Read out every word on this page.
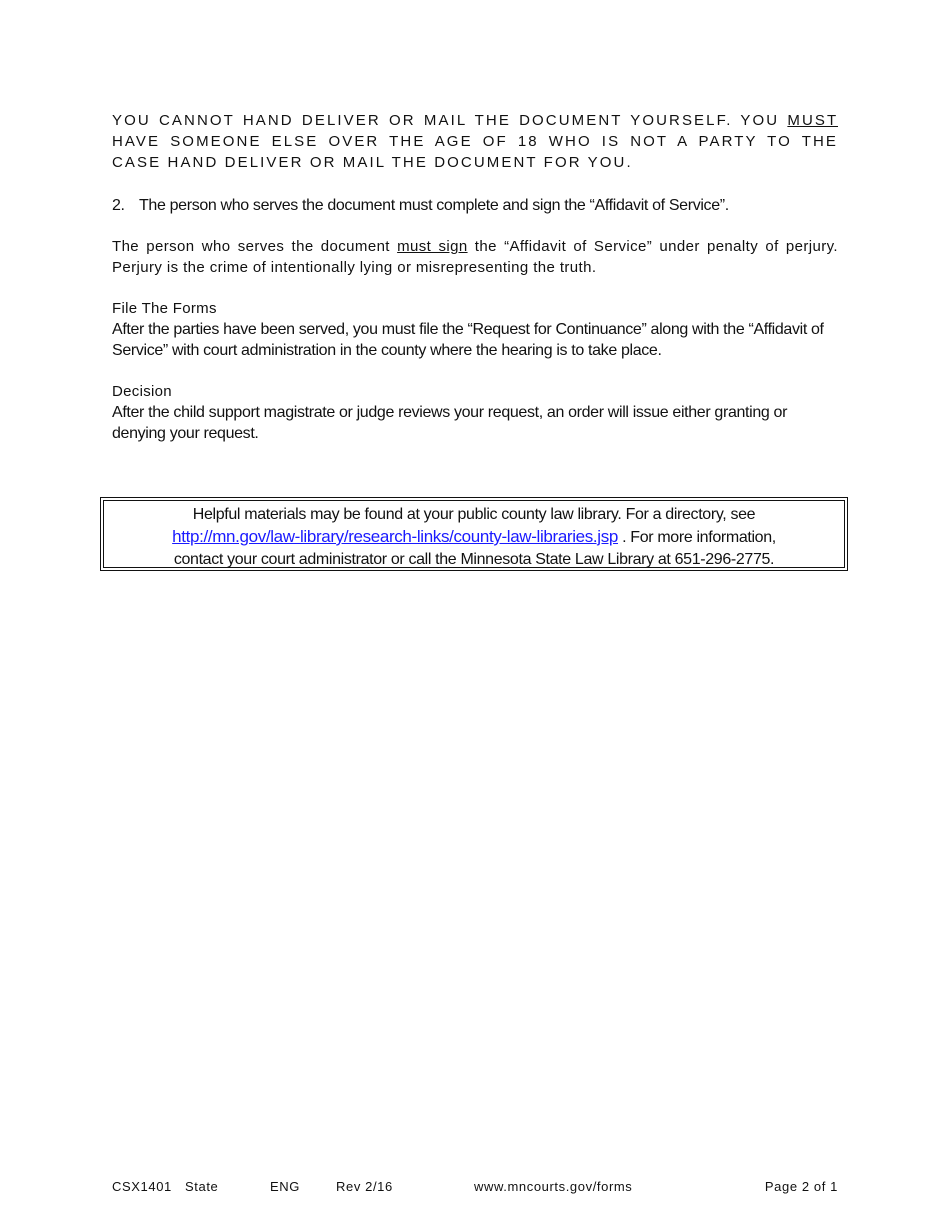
YOU CANNOT HAND DELIVER OR MAIL THE DOCUMENT YOURSELF. YOU MUST HAVE SOMEONE ELSE OVER THE AGE OF 18 WHO IS NOT A PARTY TO THE CASE HAND DELIVER OR MAIL THE DOCUMENT FOR YOU.

2. The person who serves the document must complete and sign the “Affidavit of Service”.

The person who serves the document must sign the “Affidavit of Service” under penalty of perjury. Perjury is the crime of intentionally lying or misrepresenting the truth.

File The Forms

After the parties have been served, you must file the “Request for Continuance” along with the “Affidavit of Service” with court administration in the county where the hearing is to take place.

Decision

After the child support magistrate or judge reviews your request, an order will issue either granting or denying your request.

Helpful materials may be found at your public county law library. For a directory, see
http://mn.gov/law-library/research-links/county-law-libraries.jsp . For more information,
contact your court administrator or call the Minnesota State Law Library at 651-296-2775.
CSX1401 State	ENG	Rev 2/16	www.mncourts.gov/forms	Page 2 of 1
